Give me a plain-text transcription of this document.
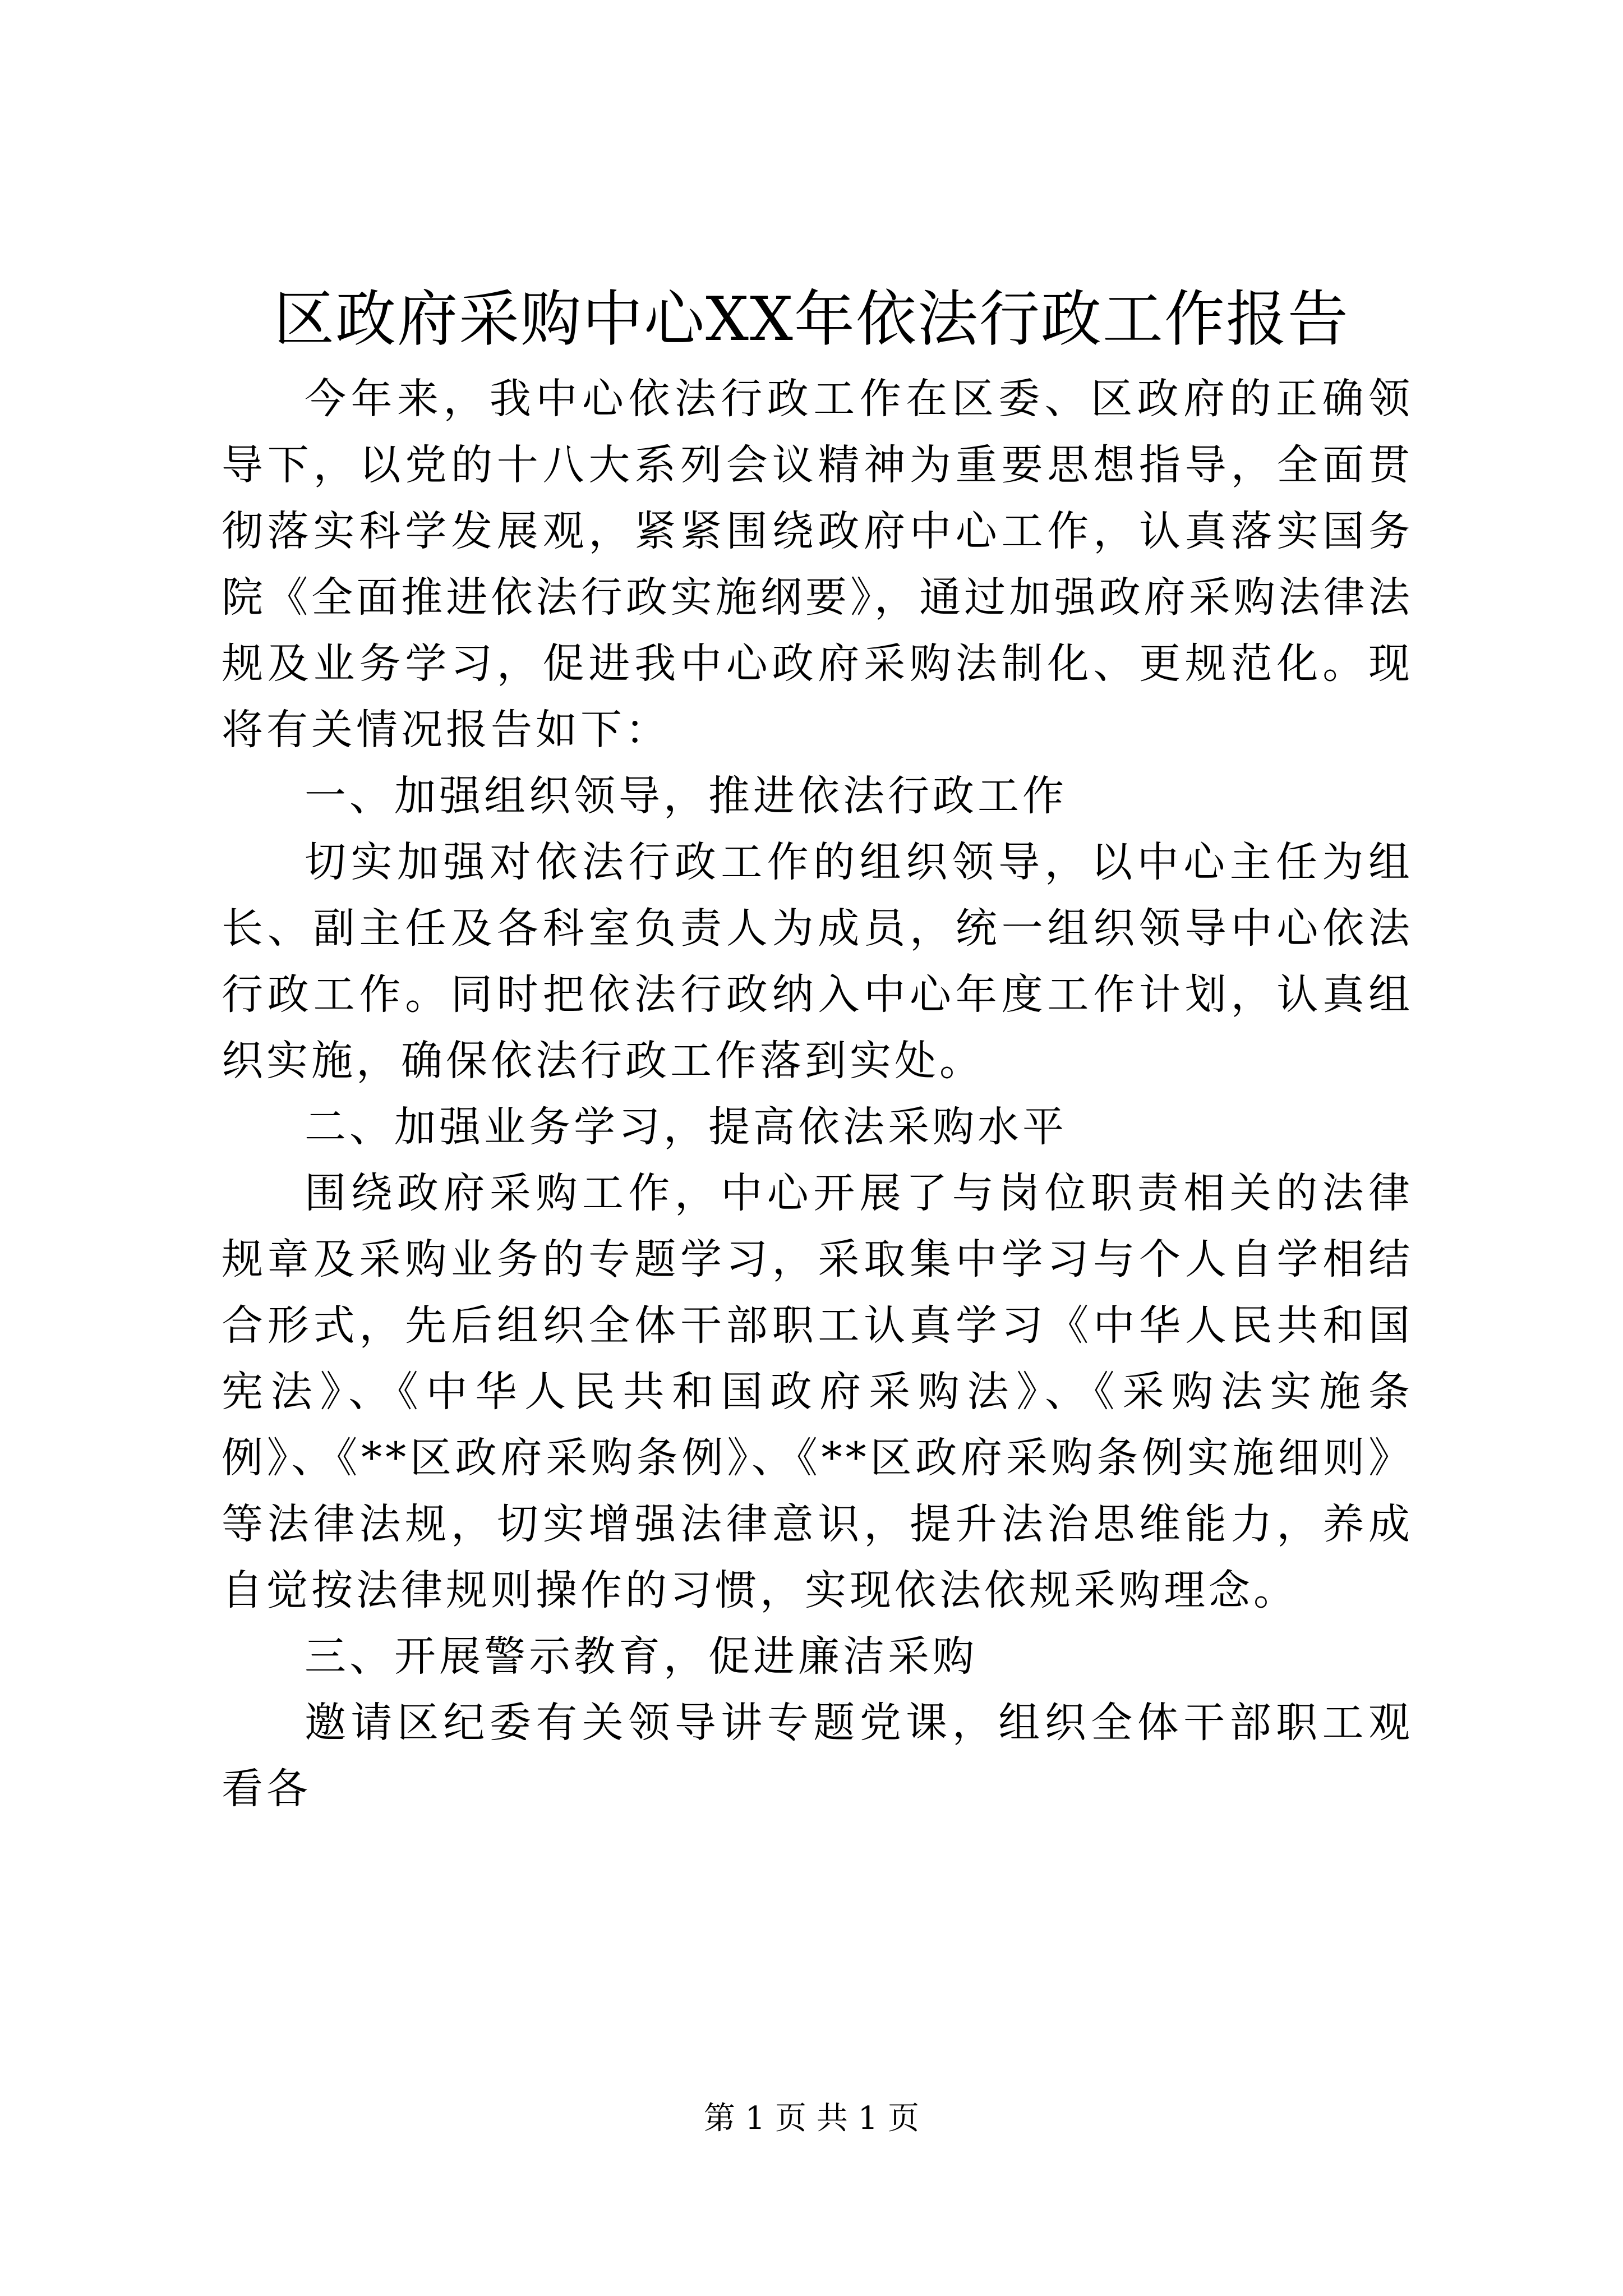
区政府采购中心XX年依法行政工作报告

今年来，我中心依法行政工作在区委、区政府的正确领导下，以党的十八大系列会议精神为重要思想指导，全面贯彻落实科学发展观，紧紧围绕政府中心工作，认真落实国务院《全面推进依法行政实施纲要》，通过加强政府采购法律法规及业务学习，促进我中心政府采购法制化、更规范化。现将有关情况报告如下：

一、加强组织领导，推进依法行政工作

切实加强对依法行政工作的组织领导，以中心主任为组长、副主任及各科室负责人为成员，统一组织领导中心依法行政工作。同时把依法行政纳入中心年度工作计划，认真组织实施，确保依法行政工作落到实处。

二、加强业务学习，提高依法采购水平

围绕政府采购工作，中心开展了与岗位职责相关的法律规章及采购业务的专题学习，采取集中学习与个人自学相结合形式，先后组织全体干部职工认真学习《中华人民共和国宪法》、《中华人民共和国政府采购法》、《采购法实施条例》、《**区政府采购条例》、《**区政府采购条例实施细则》等法律法规，切实增强法律意识，提升法治思维能力，养成自觉按法律规则操作的习惯，实现依法依规采购理念。

三、开展警示教育，促进廉洁采购

邀请区纪委有关领导讲专题党课，组织全体干部职工观看各

第 1 页 共 1 页
